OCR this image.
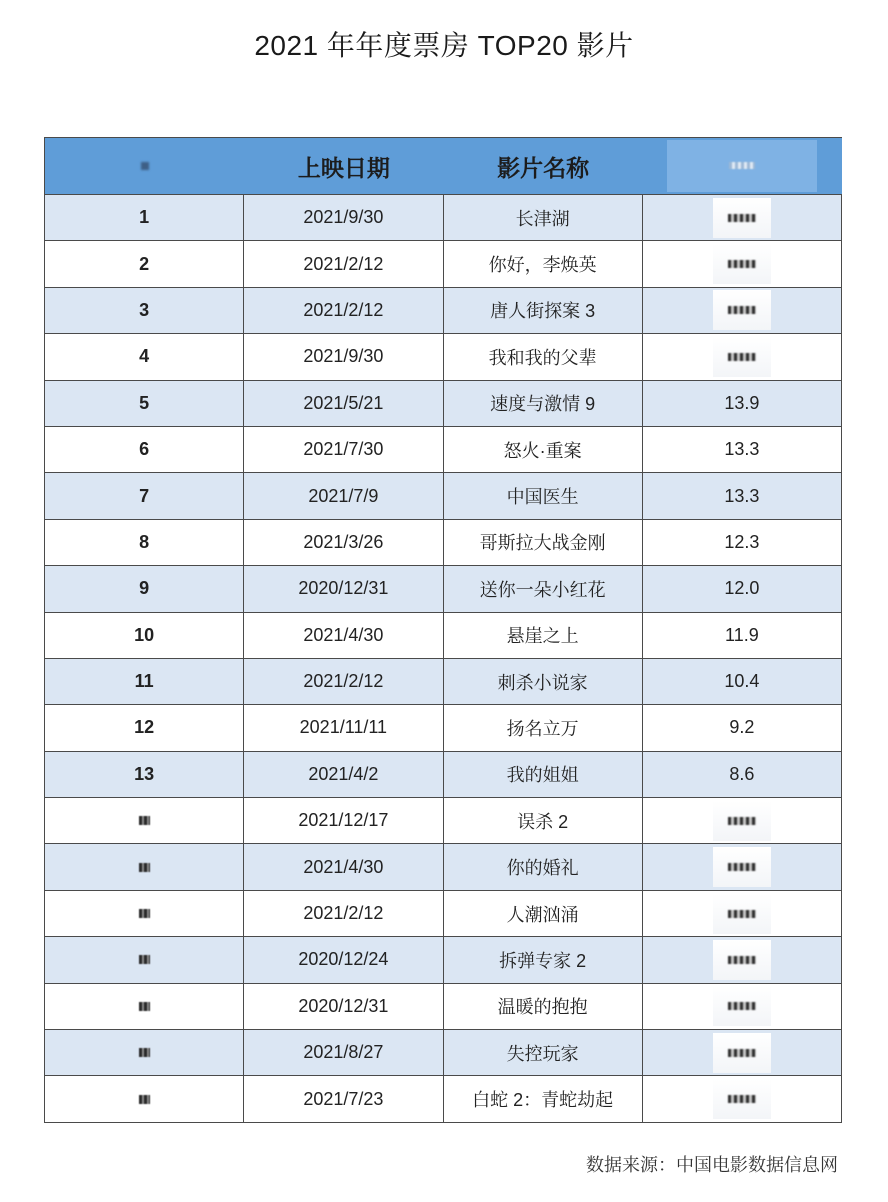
2021 年年度票房 TOP20 影片
上映日期	影片名称
1	2021/9/30	长津湖
2	2021/2/12	你好，李焕英
3	2021/2/12	唐人街探案 3
4	2021/9/30	我和我的父辈
5	2021/5/21	速度与激情 9	13.9
6	2021/7/30	怒火·重案	13.3
7	2021/7/9	中国医生	13.3
8	2021/3/26	哥斯拉大战金刚	12.3
9	2020/12/31	送你一朵小红花	12.0
10	2021/4/30	悬崖之上	11.9
11	2021/2/12	刺杀小说家	10.4
12	2021/11/11	扬名立万	9.2
13	2021/4/2	我的姐姐	8.6
2021/12/17	误杀 2
2021/4/30	你的婚礼
2021/2/12	人潮汹涌
2020/12/24	拆弹专家 2
2020/12/31	温暖的抱抱
2021/8/27	失控玩家
2021/7/23	白蛇 2：青蛇劫起
数据来源：中国电影数据信息网
